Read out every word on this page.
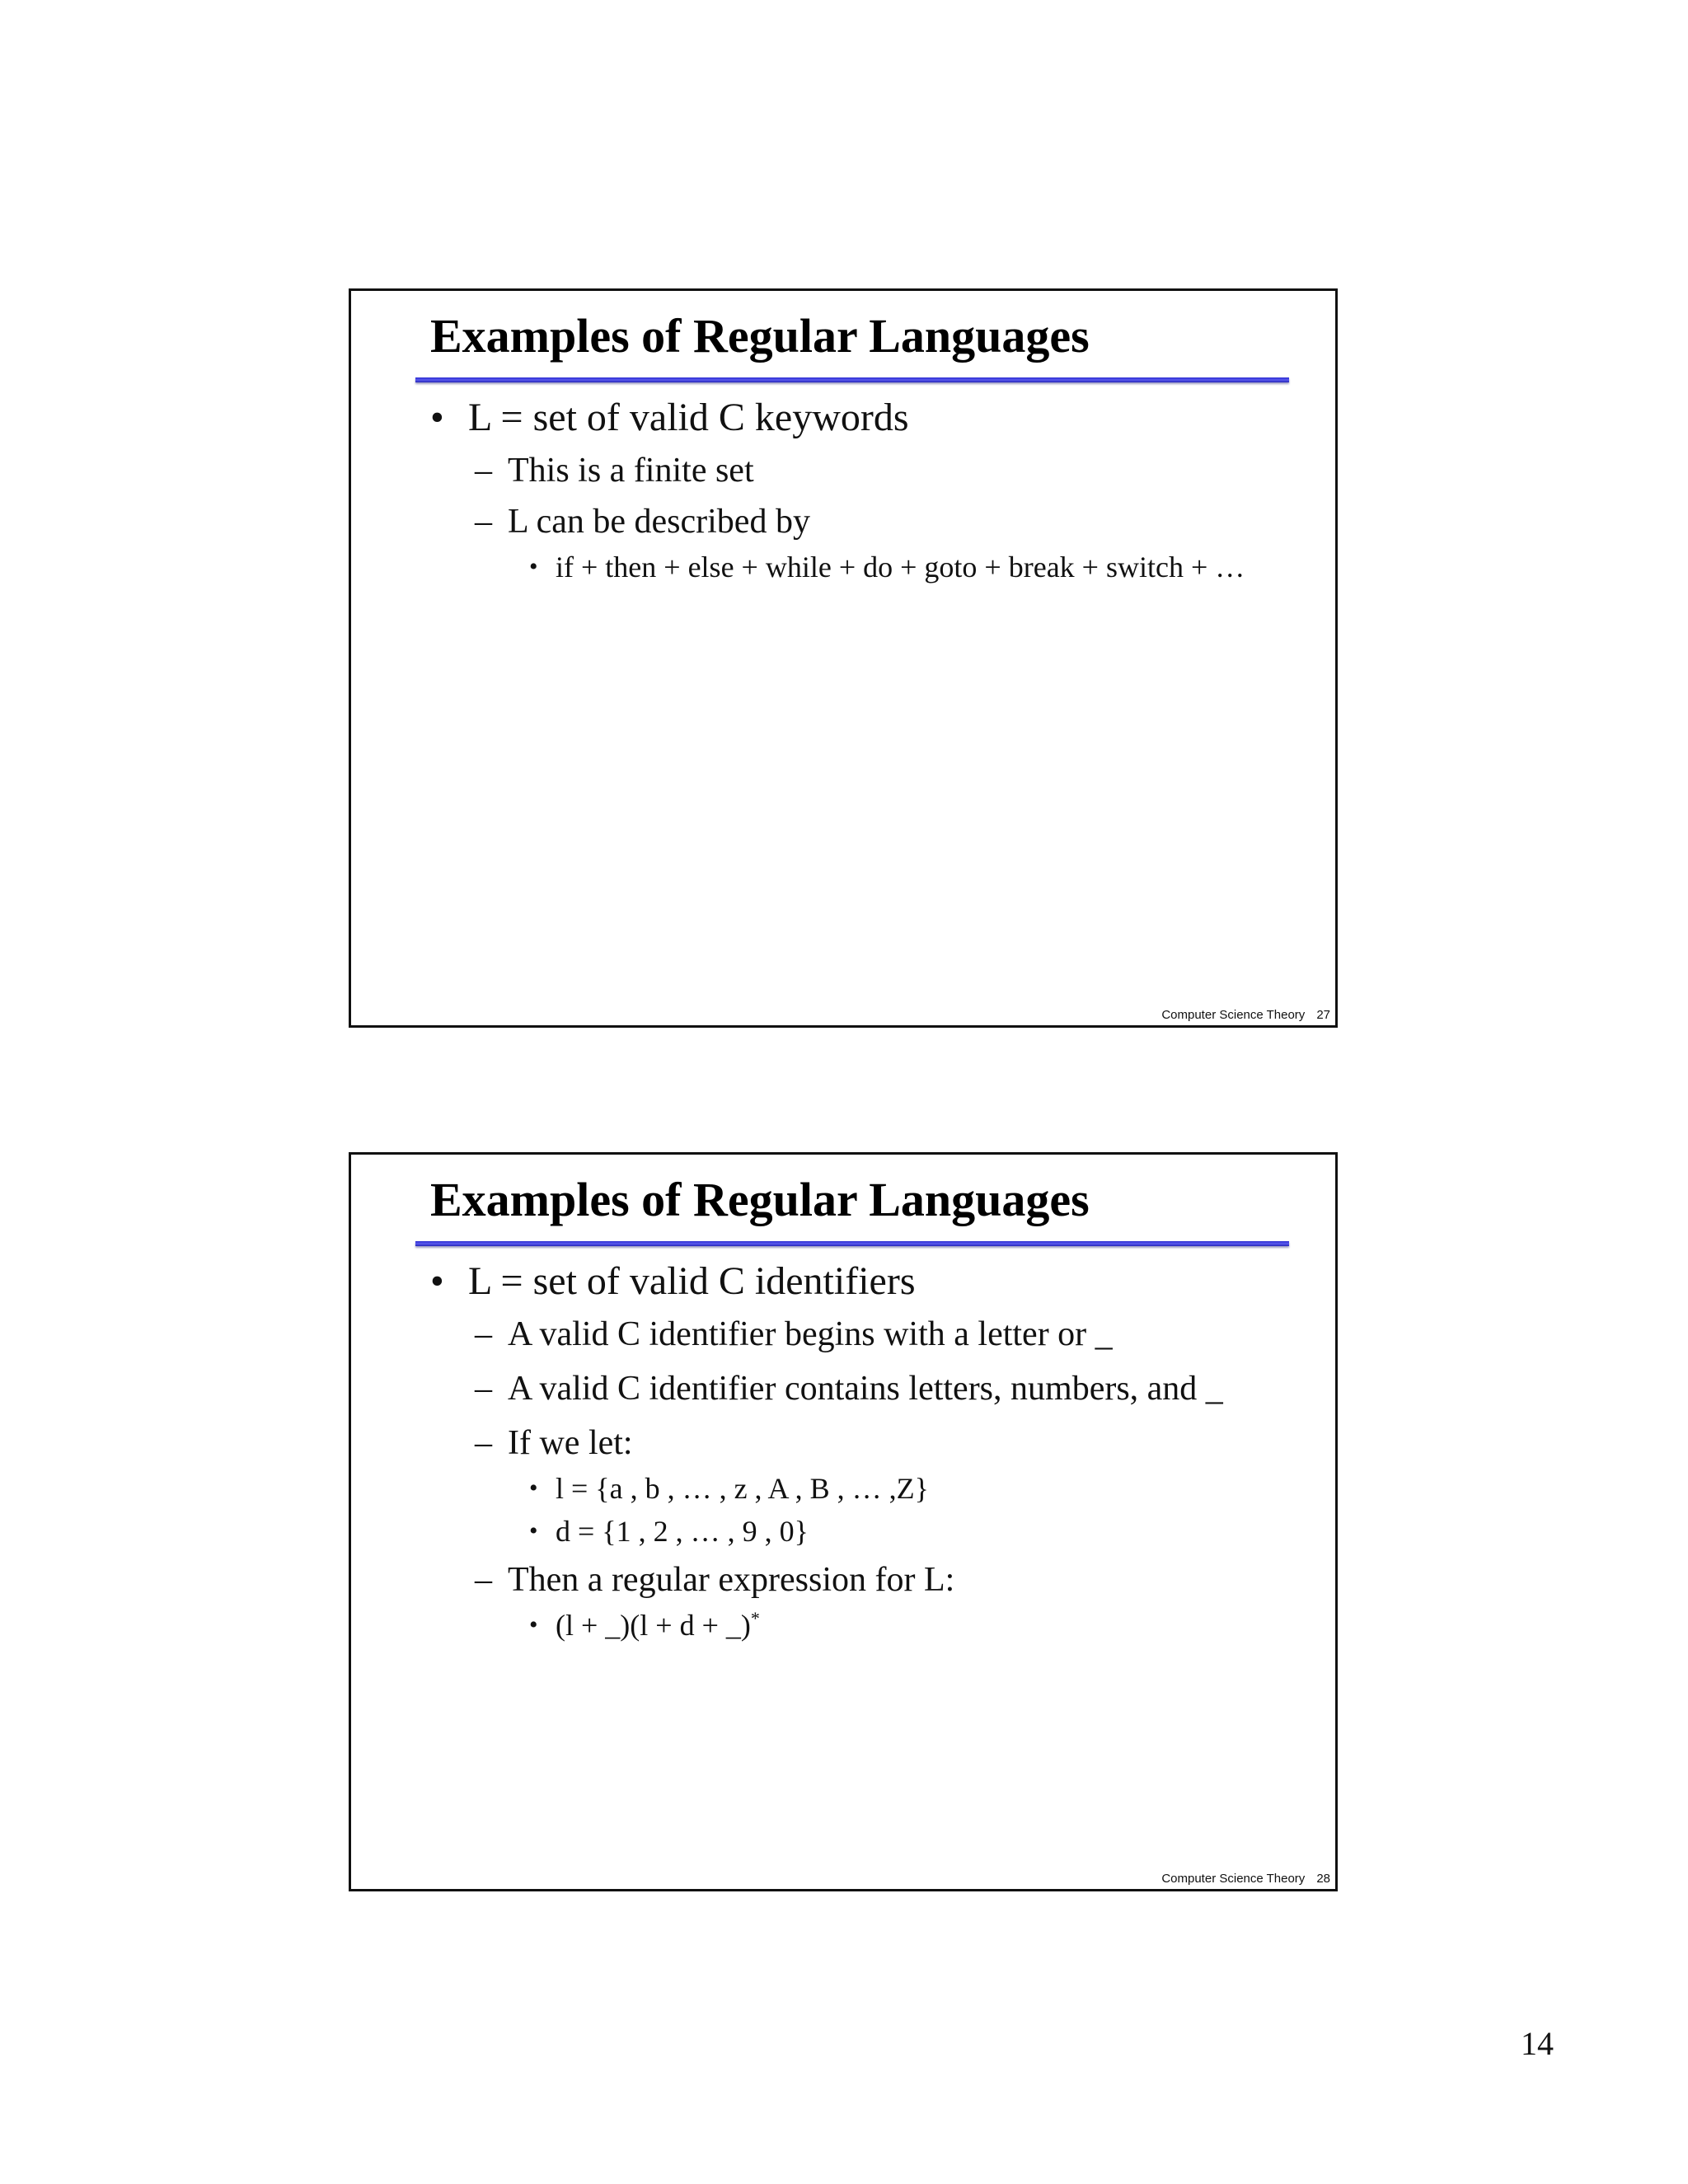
Examples of Regular Languages
• L = set of valid C keywords
– This is a finite set
– L can be described by
• if + then + else + while + do + goto + break + switch + …
Computer Science Theory 27
Examples of Regular Languages
• L = set of valid C identifiers
– A valid C identifier begins with a letter or _
– A valid C identifier contains letters, numbers, and _
– If we let:
• l = {a , b , … , z , A , B , … ,Z}
• d = {1 , 2 , … , 9 , 0}
– Then a regular expression for L:
• (l + _)(l + d + _)*
Computer Science Theory 28
14
